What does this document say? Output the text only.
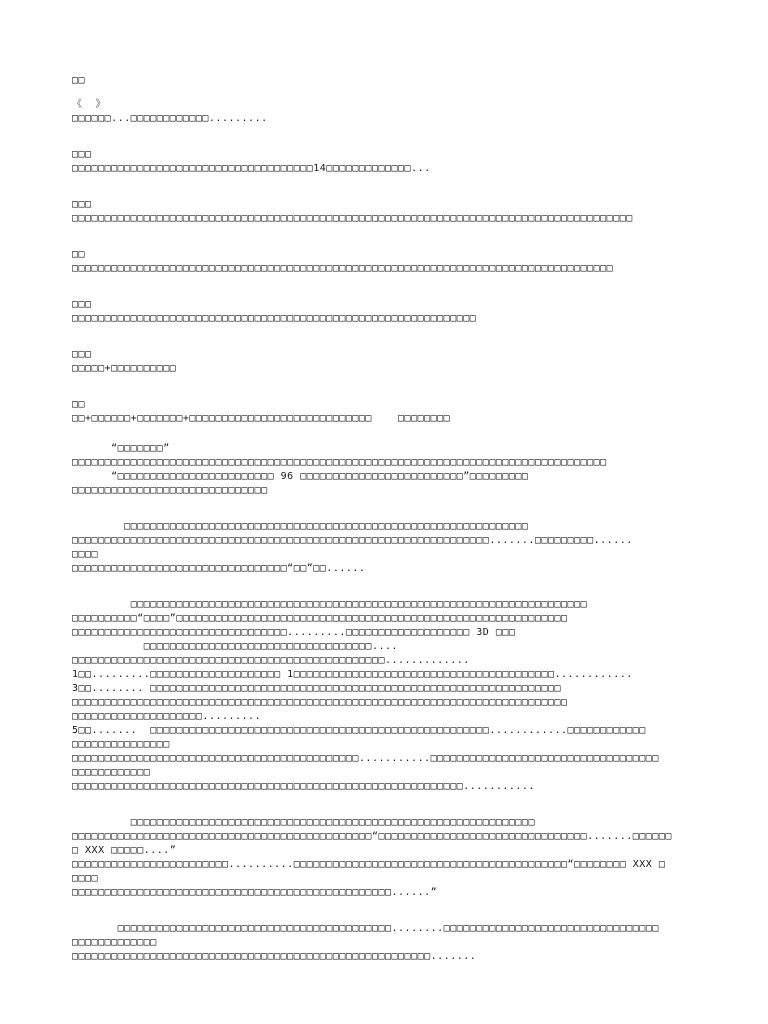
□□
《  》
□□□□□□...□□□□□□□□□□□□.........
□□□
□□□□□□□□□□□□□□□□□□□□□□□□□□□□□□□□□□□□□14□□□□□□□□□□□□□...
□□□
□□□□□□□□□□□□□□□□□□□□□□□□□□□□□□□□□□□□□□□□□□□□□□□□□□□□□□□□□□□□□□□□□□□□□□□□□□□□□□□□□□□□□□
□□
□□□□□□□□□□□□□□□□□□□□□□□□□□□□□□□□□□□□□□□□□□□□□□□□□□□□□□□□□□□□□□□□□□□□□□□□□□□□□□□□□□□
□□□
□□□□□□□□□□□□□□□□□□□□□□□□□□□□□□□□□□□□□□□□□□□□□□□□□□□□□□□□□□□□□□
□□□
□□□□□+□□□□□□□□□□
□□
□□+□□□□□□+□□□□□□□+□□□□□□□□□□□□□□□□□□□□□□□□□□□□    □□□□□□□□
“□□□□□□□”
□□□□□□□□□□□□□□□□□□□□□□□□□□□□□□□□□□□□□□□□□□□□□□□□□□□□□□□□□□□□□□□□□□□□□□□□□□□□□□□□□□
“□□□□□□□□□□□□□□□□□□□□□□□□ 96 □□□□□□□□□□□□□□□□□□□□□□□□□”□□□□□□□□□
□□□□□□□□□□□□□□□□□□□□□□□□□□□□□□
□□□□□□□□□□□□□□□□□□□□□□□□□□□□□□□□□□□□□□□□□□□□□□□□□□□□□□□□□□□□□□
□□□□□□□□□□□□□□□□□□□□□□□□□□□□□□□□□□□□□□□□□□□□□□□□□□□□□□□□□□□□□□□□.......□□□□□□□□□......
□□□□
□□□□□□□□□□□□□□□□□□□□□□□□□□□□□□□□□“□□”□□......
□□□□□□□□□□□□□□□□□□□□□□□□□□□□□□□□□□□□□□□□□□□□□□□□□□□□□□□□□□□□□□□□□□□□□□
□□□□□□□□□□“□□□□”□□□□□□□□□□□□□□□□□□□□□□□□□□□□□□□□□□□□□□□□□□□□□□□□□□□□□□□□□□□□
□□□□□□□□□□□□□□□□□□□□□□□□□□□□□□□□□.........□□□□□□□□□□□□□□□□□□□ 3D □□□
□□□□□□□□□□□□□□□□□□□□□□□□□□□□□□□□□□□....
□□□□□□□□□□□□□□□□□□□□□□□□□□□□□□□□□□□□□□□□□□□□□□□□.............
1□□.........□□□□□□□□□□□□□□□□□□□□ 1□□□□□□□□□□□□□□□□□□□□□□□□□□□□□□□□□□□□□□□□............
3□□........ □□□□□□□□□□□□□□□□□□□□□□□□□□□□□□□□□□□□□□□□□□□□□□□□□□□□□□□□□□□□□□□
□□□□□□□□□□□□□□□□□□□□□□□□□□□□□□□□□□□□□□□□□□□□□□□□□□□□□□□□□□□□□□□□□□□□□□□□□□□□
□□□□□□□□□□□□□□□□□□□□.........
5□□.......  □□□□□□□□□□□□□□□□□□□□□□□□□□□□□□□□□□□□□□□□□□□□□□□□□□□□............□□□□□□□□□□□□
□□□□□□□□□□□□□□□
□□□□□□□□□□□□□□□□□□□□□□□□□□□□□□□□□□□□□□□□□□□□...........□□□□□□□□□□□□□□□□□□□□□□□□□□□□□□□□□□□
□□□□□□□□□□□□
□□□□□□□□□□□□□□□□□□□□□□□□□□□□□□□□□□□□□□□□□□□□□□□□□□□□□□□□□□□□...........
□□□□□□□□□□□□□□□□□□□□□□□□□□□□□□□□□□□□□□□□□□□□□□□□□□□□□□□□□□□□□□
□□□□□□□□□□□□□□□□□□□□□□□□□□□□□□□□□□□□□□□□□□□□□□“□□□□□□□□□□□□□□□□□□□□□□□□□□□□□□□□.......□□□□□□
□ XXX □□□□□....”
□□□□□□□□□□□□□□□□□□□□□□□□..........□□□□□□□□□□□□□□□□□□□□□□□□□□□□□□□□□□□□□□□□□□“□□□□□□□□ XXX □
□□□□
□□□□□□□□□□□□□□□□□□□□□□□□□□□□□□□□□□□□□□□□□□□□□□□□□......”
□□□□□□□□□□□□□□□□□□□□□□□□□□□□□□□□□□□□□□□□□□........□□□□□□□□□□□□□□□□□□□□□□□□□□□□□□□□□
□□□□□□□□□□□□□
□□□□□□□□□□□□□□□□□□□□□□□□□□□□□□□□□□□□□□□□□□□□□□□□□□□□□□□.......
